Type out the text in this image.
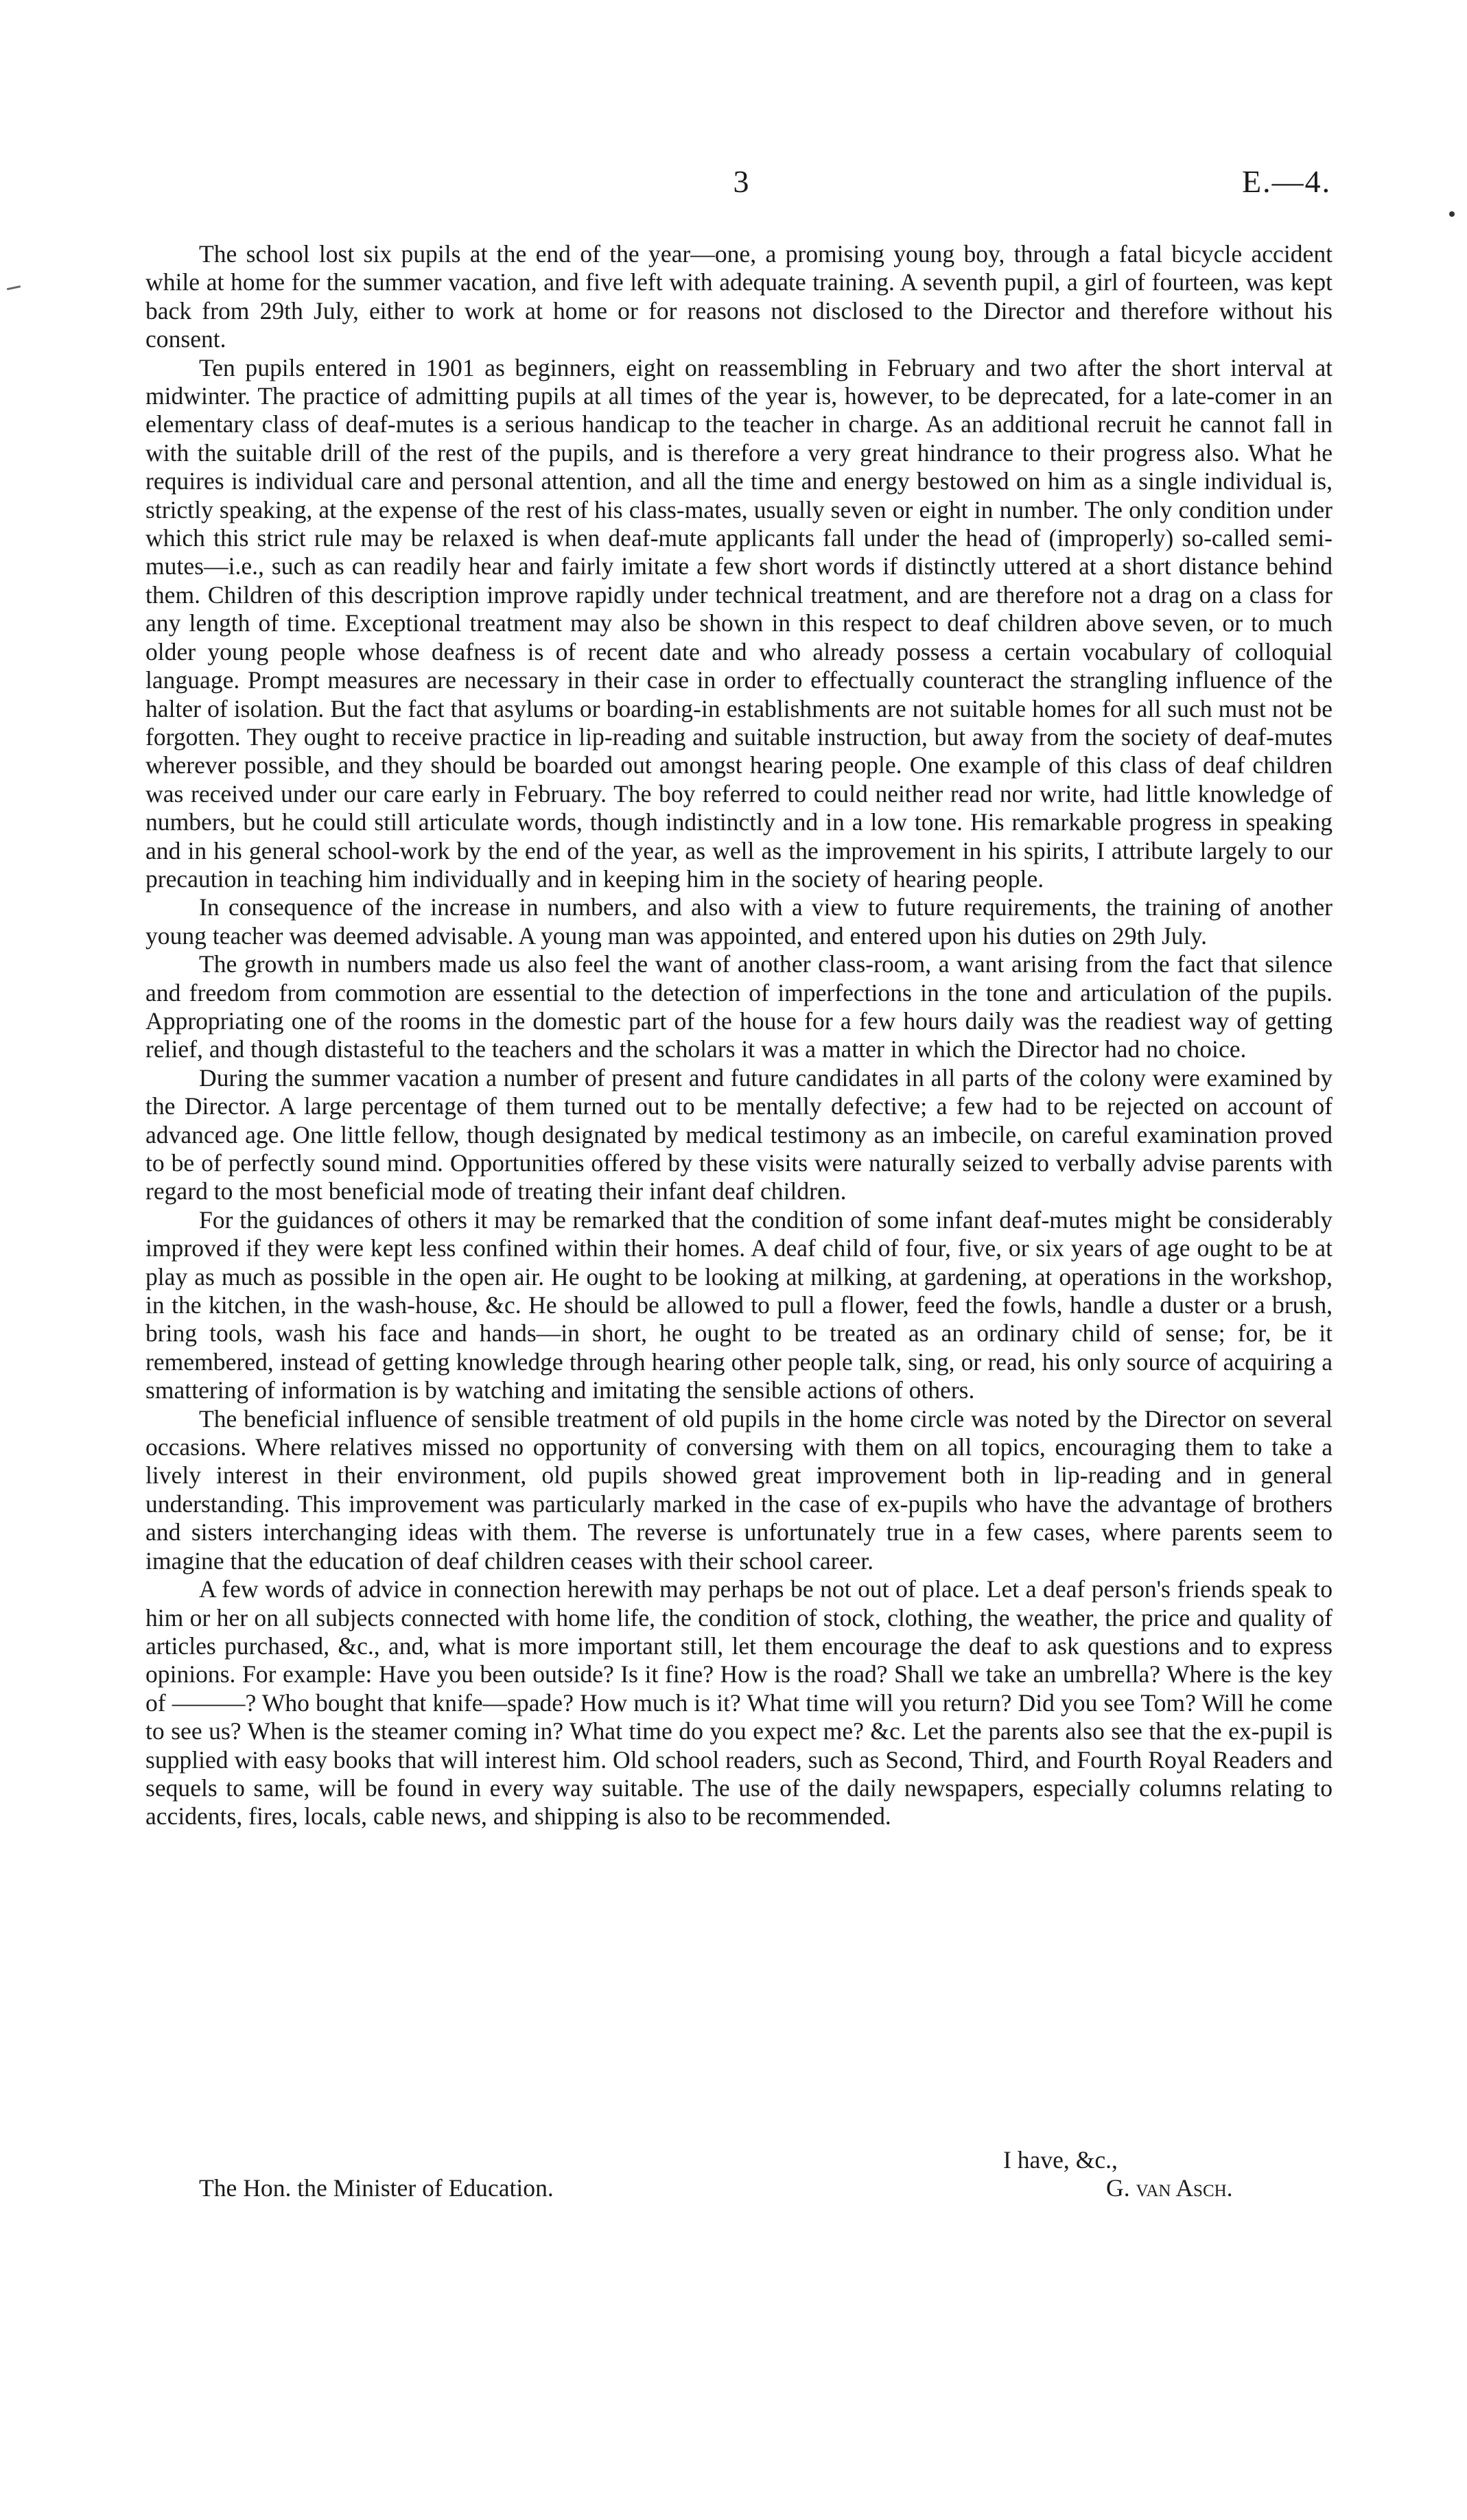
3	E.—4.

The school lost six pupils at the end of the year—one, a promising young boy, through a fatal bicycle accident while at home for the summer vacation, and five left with adequate training. A seventh pupil, a girl of fourteen, was kept back from 29th July, either to work at home or for reasons not disclosed to the Director and therefore without his consent.

Ten pupils entered in 1901 as beginners, eight on reassembling in February and two after the short interval at midwinter. The practice of admitting pupils at all times of the year is, however, to be deprecated, for a late-comer in an elementary class of deaf-mutes is a serious handicap to the teacher in charge. As an additional recruit he cannot fall in with the suitable drill of the rest of the pupils, and is therefore a very great hindrance to their progress also. What he requires is individual care and personal attention, and all the time and energy bestowed on him as a single individual is, strictly speaking, at the expense of the rest of his class-mates, usually seven or eight in number. The only condition under which this strict rule may be relaxed is when deaf-mute applicants fall under the head of (improperly) so-called semi-mutes—i.e., such as can readily hear and fairly imitate a few short words if distinctly uttered at a short distance behind them. Children of this description improve rapidly under technical treatment, and are therefore not a drag on a class for any length of time. Exceptional treatment may also be shown in this respect to deaf children above seven, or to much older young people whose deafness is of recent date and who already possess a certain vocabulary of colloquial language. Prompt measures are necessary in their case in order to effectually counteract the strangling influence of the halter of isolation. But the fact that asylums or boarding-in establishments are not suitable homes for all such must not be forgotten. They ought to receive practice in lip-reading and suitable instruction, but away from the society of deaf-mutes wherever possible, and they should be boarded out amongst hearing people. One example of this class of deaf children was received under our care early in February. The boy referred to could neither read nor write, had little knowledge of numbers, but he could still articulate words, though indistinctly and in a low tone. His remarkable progress in speaking and in his general school-work by the end of the year, as well as the improvement in his spirits, I attribute largely to our precaution in teaching him individually and in keeping him in the society of hearing people.

In consequence of the increase in numbers, and also with a view to future requirements, the training of another young teacher was deemed advisable. A young man was appointed, and entered upon his duties on 29th July.

The growth in numbers made us also feel the want of another class-room, a want arising from the fact that silence and freedom from commotion are essential to the detection of imperfections in the tone and articulation of the pupils. Appropriating one of the rooms in the domestic part of the house for a few hours daily was the readiest way of getting relief, and though distasteful to the teachers and the scholars it was a matter in which the Director had no choice.

During the summer vacation a number of present and future candidates in all parts of the colony were examined by the Director. A large percentage of them turned out to be mentally defective; a few had to be rejected on account of advanced age. One little fellow, though designated by medical testimony as an imbecile, on careful examination proved to be of perfectly sound mind. Opportunities offered by these visits were naturally seized to verbally advise parents with regard to the most beneficial mode of treating their infant deaf children.

For the guidances of others it may be remarked that the condition of some infant deaf-mutes might be considerably improved if they were kept less confined within their homes. A deaf child of four, five, or six years of age ought to be at play as much as possible in the open air. He ought to be looking at milking, at gardening, at operations in the workshop, in the kitchen, in the wash-house, &c. He should be allowed to pull a flower, feed the fowls, handle a duster or a brush, bring tools, wash his face and hands—in short, he ought to be treated as an ordinary child of sense; for, be it remembered, instead of getting knowledge through hearing other people talk, sing, or read, his only source of acquiring a smattering of information is by watching and imitating the sensible actions of others.

The beneficial influence of sensible treatment of old pupils in the home circle was noted by the Director on several occasions. Where relatives missed no opportunity of conversing with them on all topics, encouraging them to take a lively interest in their environment, old pupils showed great improvement both in lip-reading and in general understanding. This improvement was particularly marked in the case of ex-pupils who have the advantage of brothers and sisters interchanging ideas with them. The reverse is unfortunately true in a few cases, where parents seem to imagine that the education of deaf children ceases with their school career.

A few words of advice in connection herewith may perhaps be not out of place. Let a deaf person's friends speak to him or her on all subjects connected with home life, the condition of stock, clothing, the weather, the price and quality of articles purchased, &c., and, what is more important still, let them encourage the deaf to ask questions and to express opinions. For example: Have you been outside? Is it fine? How is the road? Shall we take an umbrella? Where is the key of ———? Who bought that knife—spade? How much is it? What time will you return? Did you see Tom? Will he come to see us? When is the steamer coming in? What time do you expect me? &c. Let the parents also see that the ex-pupil is supplied with easy books that will interest him. Old school readers, such as Second, Third, and Fourth Royal Readers and sequels to same, will be found in every way suitable. The use of the daily newspapers, especially columns relating to accidents, fires, locals, cable news, and shipping is also to be recommended.

I have, &c.,
The Hon. the Minister of Education.	G. van Asch.
